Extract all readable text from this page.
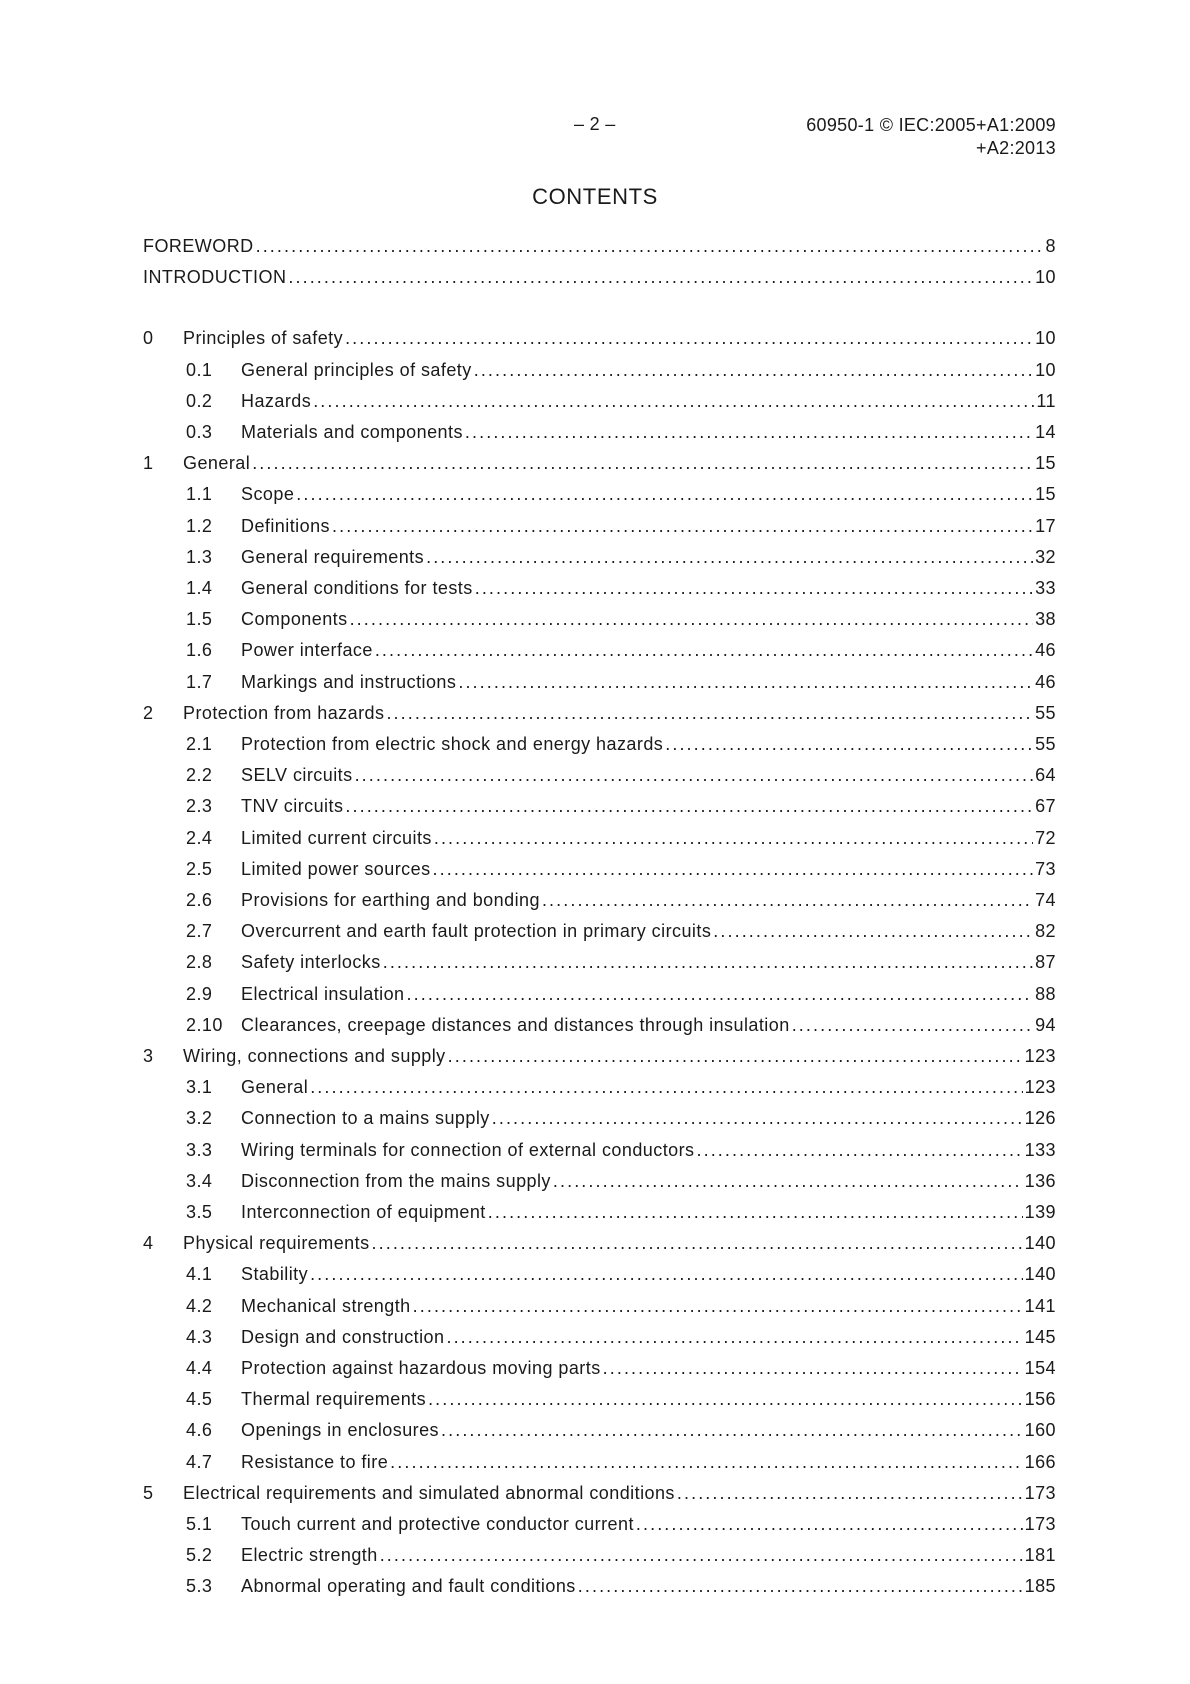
– 2 –	60950-1 © IEC:2005+A1:2009
+A2:2013
CONTENTS
FOREWORD .....	8
INTRODUCTION .....	10
0	Principles of safety .....	10
0.1	General principles of safety .....	10
0.2	Hazards .....	11
0.3	Materials and components .....	14
1	General .....	15
1.1	Scope .....	15
1.2	Definitions .....	17
1.3	General requirements .....	32
1.4	General conditions for tests .....	33
1.5	Components .....	38
1.6	Power interface .....	46
1.7	Markings and instructions .....	46
2	Protection from hazards .....	55
2.1	Protection from electric shock and energy hazards .....	55
2.2	SELV circuits .....	64
2.3	TNV circuits .....	67
2.4	Limited current circuits .....	72
2.5	Limited power sources .....	73
2.6	Provisions for earthing and bonding .....	74
2.7	Overcurrent and earth fault protection in primary circuits .....	82
2.8	Safety interlocks .....	87
2.9	Electrical insulation .....	88
2.10	Clearances, creepage distances and distances through insulation .....	94
3	Wiring, connections and supply .....	123
3.1	General .....	123
3.2	Connection to a mains supply .....	126
3.3	Wiring terminals for connection of external conductors .....	133
3.4	Disconnection from the mains supply .....	136
3.5	Interconnection of equipment .....	139
4	Physical requirements .....	140
4.1	Stability .....	140
4.2	Mechanical strength .....	141
4.3	Design and construction .....	145
4.4	Protection against hazardous moving parts .....	154
4.5	Thermal requirements .....	156
4.6	Openings in enclosures .....	160
4.7	Resistance to fire .....	166
5	Electrical requirements and simulated abnormal conditions .....	173
5.1	Touch current and protective conductor current .....	173
5.2	Electric strength .....	181
5.3	Abnormal operating and fault conditions .....	185
